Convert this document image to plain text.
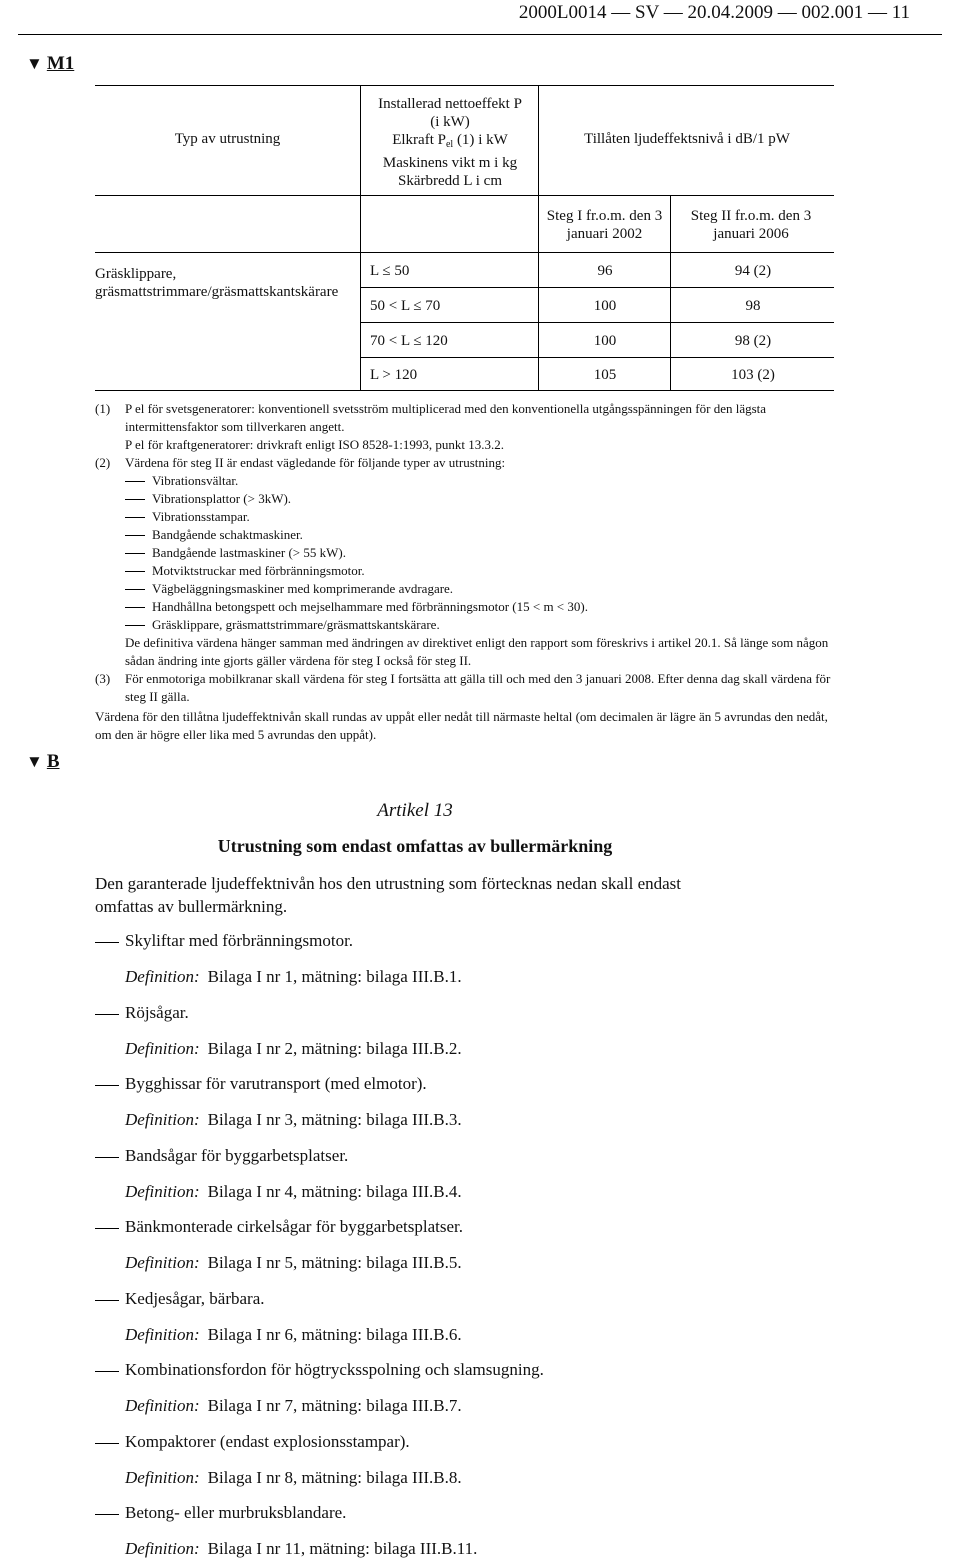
2000L0014 — SV — 20.04.2009 — 002.001 — 11
▼ M1
▼ B
Typ av utrustning
Installerad nettoeffekt P
(i kW)
Elkraft $P_{el}$ (1) i kW
Maskinens vikt m i kg
Skärbredd L i cm
Tillåten ljudeffektsnivå i dB/1 pW
Steg I fr.o.m. den 3 januari 2002
Steg II fr.o.m. den 3 januari 2006
Gräsklippare, gräsmattstrimmare/gräsmattskantskärare
L ≤ 50	96	94 (2)
50 < L ≤ 70	100	98
70 < L ≤ 120	100	98 (2)
L > 120	105	103 (2)
(1) P el för svetsgeneratorer: konventionell svetsström multiplicerad med den konventionella utgångsspänningen för den lägsta intermittensfaktor som tillverkaren angett.
P el för kraftgeneratorer: drivkraft enligt ISO 8528-1:1993, punkt 13.3.2.
(2) Värdena för steg II är endast vägledande för följande typer av utrustning:
Vibrationsvältar.
Vibrationsplattor (> 3kW).
Vibrationsstampar.
Bandgående schaktmaskiner.
Bandgående lastmaskiner (> 55 kW).
Motviktstruckar med förbränningsmotor.
Vägbeläggningsmaskiner med komprimerande avdragare.
Handhållna betongspett och mejselhammare med förbränningsmotor (15 < m < 30).
Gräsklippare, gräsmattstrimmare/gräsmattskantskärare.
De definitiva värdena hänger samman med ändringen av direktivet enligt den rapport som föreskrivs i artikel 20.1. Så länge som någon sådan ändring inte gjorts gäller värdena för steg I också för steg II.
(3) För enmotoriga mobilkranar skall värdena för steg I fortsätta att gälla till och med den 3 januari 2008. Efter denna dag skall värdena för steg II gälla.
Värdena för den tillåtna ljudeffektnivån skall rundas av uppåt eller nedåt till närmaste heltal (om decimalen är lägre än 5 avrundas den nedåt, om den är högre eller lika med 5 avrundas den uppåt).
Artikel 13
Utrustning som endast omfattas av bullermärkning
Den garanterade ljudeffektnivån hos den utrustning som förtecknas nedan skall endast omfattas av bullermärkning.
Skyliftar med förbränningsmotor.
Definition: Bilaga I nr 1, mätning: bilaga III.B.1.
Röjsågar.
Definition: Bilaga I nr 2, mätning: bilaga III.B.2.
Bygghissar för varutransport (med elmotor).
Definition: Bilaga I nr 3, mätning: bilaga III.B.3.
Bandsågar för byggarbetsplatser.
Definition: Bilaga I nr 4, mätning: bilaga III.B.4.
Bänkmonterade cirkelsågar för byggarbetsplatser.
Definition: Bilaga I nr 5, mätning: bilaga III.B.5.
Kedjesågar, bärbara.
Definition: Bilaga I nr 6, mätning: bilaga III.B.6.
Kombinationsfordon för högtrycksspolning och slamsugning.
Definition: Bilaga I nr 7, mätning: bilaga III.B.7.
Kompaktorer (endast explosionsstampar).
Definition: Bilaga I nr 8, mätning: bilaga III.B.8.
Betong- eller murbruksblandare.
Definition: Bilaga I nr 11, mätning: bilaga III.B.11.
